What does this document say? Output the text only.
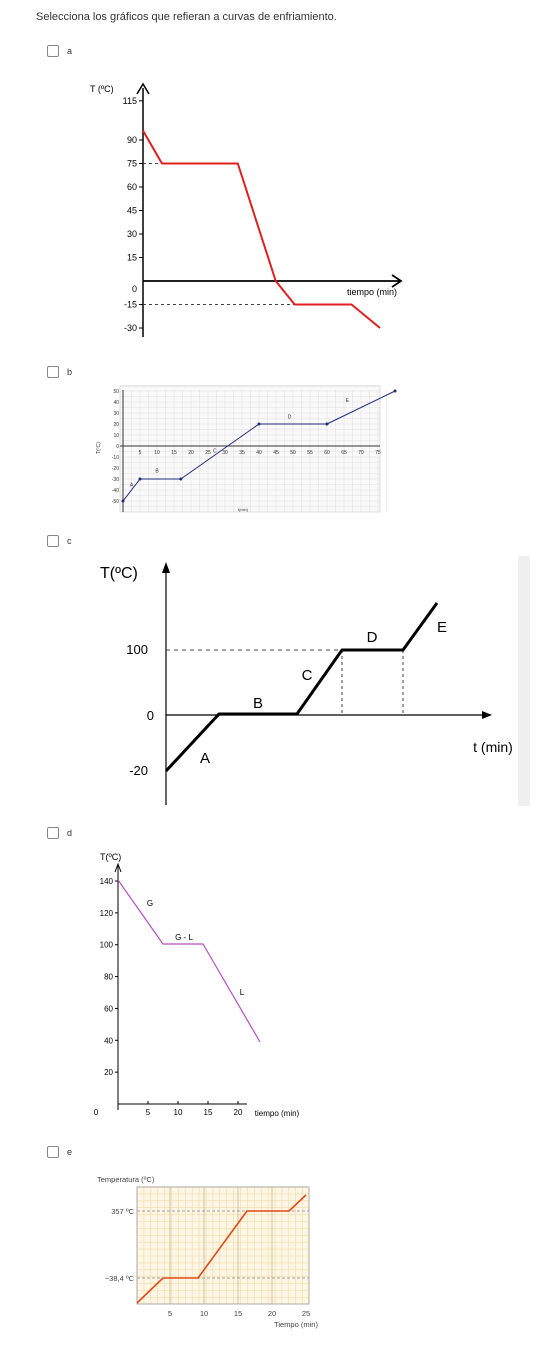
Selecciona los gráficos que refieran a curvas de enfriamiento.
a
T (ºC)
tiempo (min)
115
90
75
60
45
30
15
0
-15
-30
50
40
30
20
10
0
-10
-20
-30
-40
-50
5	10 15 20 25 30 35 40 45 50 55 60 65 70 75
T(ºC)
t(min)
A
B
C
D
E
T(ºC)
t (min)
100
0
-20
A
B
C
D
E
T(ºC)
tiempo (min)
140
120
100
80
60
40
20
0	5	10	15	20
G
G - L
L
Temperatura (ºC)
357 ºC
−38,4 ºC
5	10	15	20	25
Tiempo (min)
b
c
d
e
